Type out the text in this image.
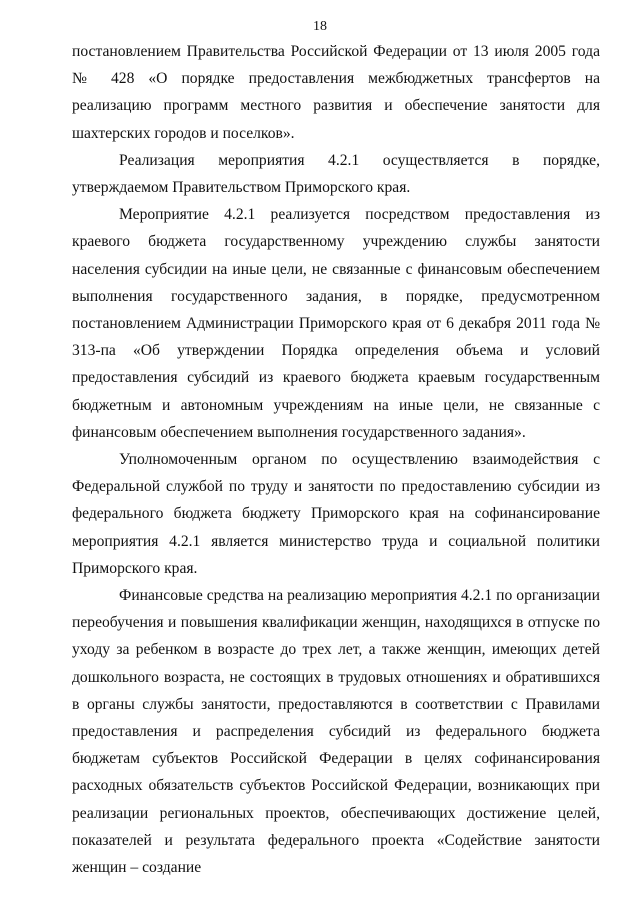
18

постановлением Правительства Российской Федерации от 13 июля 2005 года № 428 «О порядке предоставления межбюджетных трансфертов на реализацию программ местного развития и обеспечение занятости для шахтерских городов и поселков».

Реализация мероприятия 4.2.1 осуществляется в порядке, утверждаемом Правительством Приморского края.

Мероприятие 4.2.1 реализуется посредством предоставления из краевого бюджета государственному учреждению службы занятости населения субсидии на иные цели, не связанные с финансовым обеспечением выполнения государственного задания, в порядке, предусмотренном постановлением Администрации Приморского края от 6 декабря 2011 года № 313-па «Об утверждении Порядка определения объема и условий предоставления субсидий из краевого бюджета краевым государственным бюджетным и автономным учреждениям на иные цели, не связанные с финансовым обеспечением выполнения государственного задания».

Уполномоченным органом по осуществлению взаимодействия с Федеральной службой по труду и занятости по предоставлению субсидии из федерального бюджета бюджету Приморского края на софинансирование мероприятия 4.2.1 является министерство труда и социальной политики Приморского края.

Финансовые средства на реализацию мероприятия 4.2.1 по организации переобучения и повышения квалификации женщин, находящихся в отпуске по уходу за ребенком в возрасте до трех лет, а также женщин, имеющих детей дошкольного возраста, не состоящих в трудовых отношениях и обратившихся в органы службы занятости, предоставляются в соответствии с Правилами предоставления и распределения субсидий из федерального бюджета бюджетам субъектов Российской Федерации в целях софинансирования расходных обязательств субъектов Российской Федерации, возникающих при реализации региональных проектов, обеспечивающих достижение целей, показателей и результата федерального проекта «Содействие занятости женщин – создание
